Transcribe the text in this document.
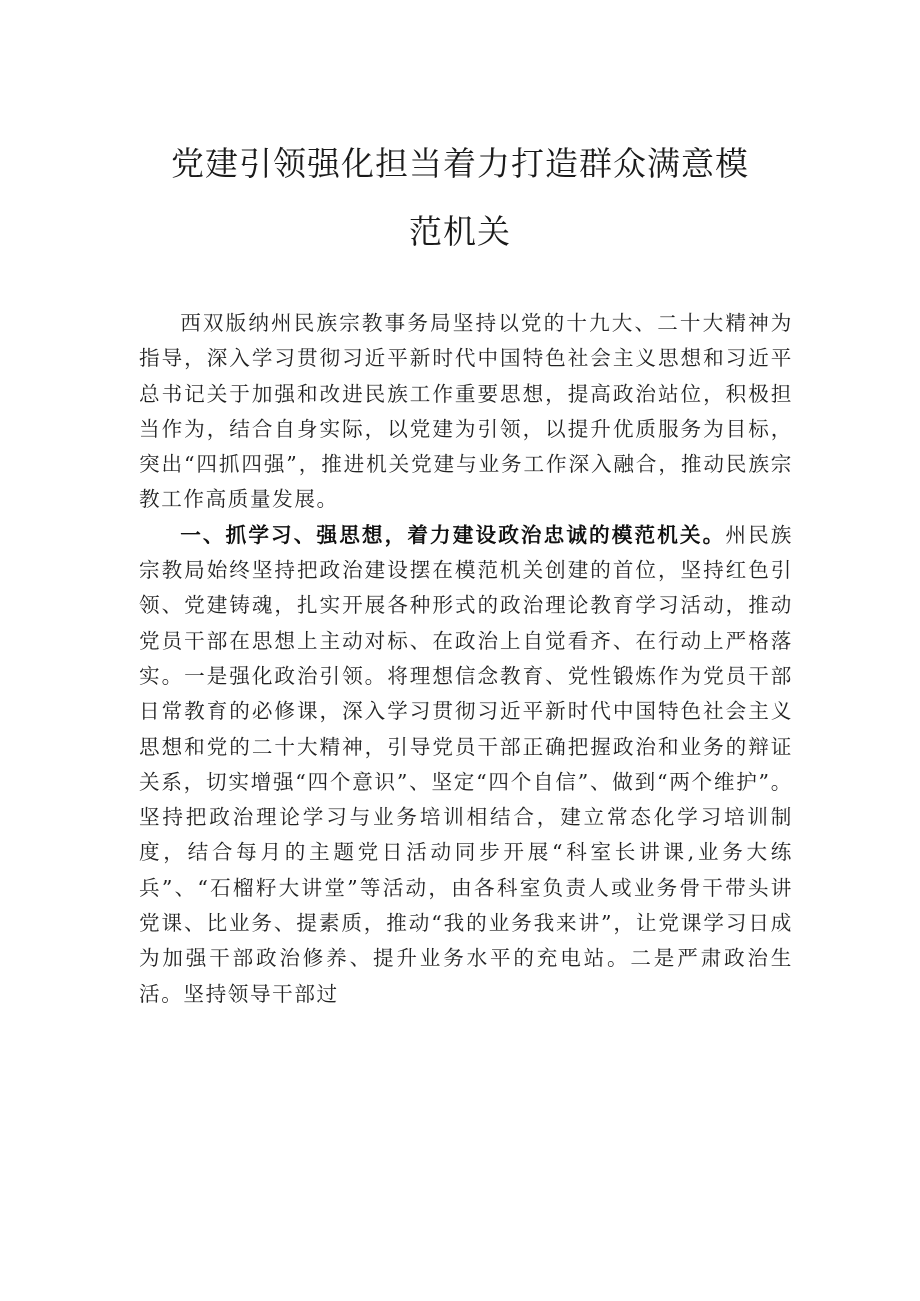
党建引领强化担当着力打造群众满意模
范机关

西双版纳州民族宗教事务局坚持以党的十九大、二十大精神为指导，深入学习贯彻习近平新时代中国特色社会主义思想和习近平总书记关于加强和改进民族工作重要思想，提高政治站位，积极担当作为，结合自身实际，以党建为引领，以提升优质服务为目标，突出“四抓四强”，推进机关党建与业务工作深入融合，推动民族宗教工作高质量发展。

一、抓学习、强思想，着力建设政治忠诚的模范机关。州民族宗教局始终坚持把政治建设摆在模范机关创建的首位，坚持红色引领、党建铸魂，扎实开展各种形式的政治理论教育学习活动，推动党员干部在思想上主动对标、在政治上自觉看齐、在行动上严格落实。一是强化政治引领。将理想信念教育、党性锻炼作为党员干部日常教育的必修课，深入学习贯彻习近平新时代中国特色社会主义思想和党的二十大精神，引导党员干部正确把握政治和业务的辩证关系，切实增强“四个意识”、坚定“四个自信”、做到“两个维护”。坚持把政治理论学习与业务培训相结合，建立常态化学习培训制度，结合每月的主题党日活动同步开展“科室长讲课,业务大练兵”、“石榴籽大讲堂”等活动，由各科室负责人或业务骨干带头讲党课、比业务、提素质，推动“我的业务我来讲”，让党课学习日成为加强干部政治修养、提升业务水平的充电站。二是严肃政治生活。坚持领导干部过
